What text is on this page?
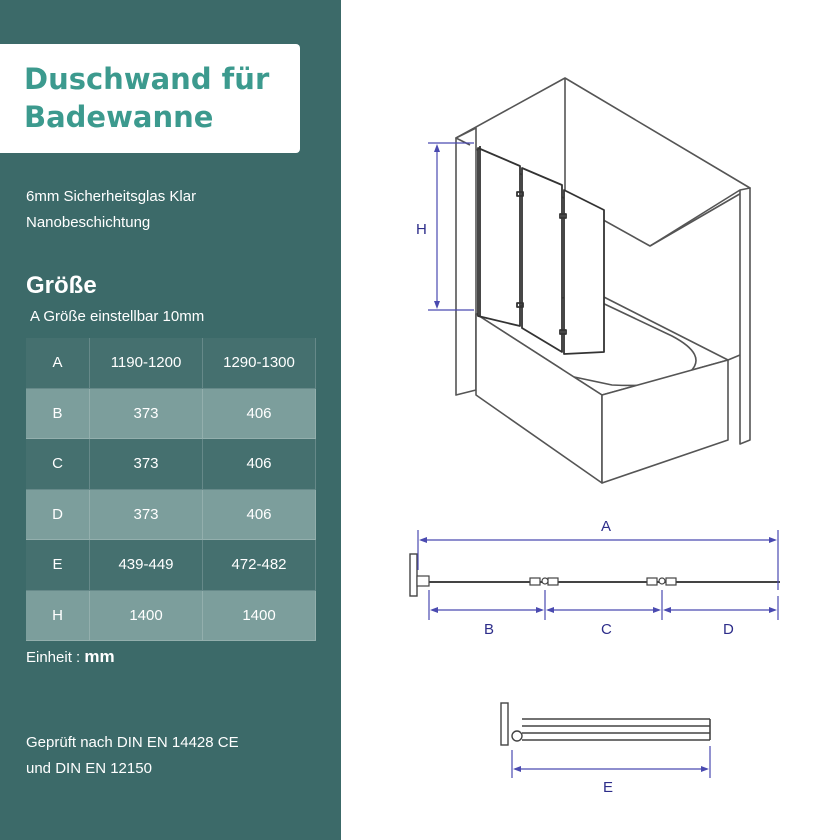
Duschwand für
Badewanne
6mm Sicherheitsglas Klar
Nanobeschichtung
Größe
A Größe einstellbar 10mm
A	1190-1200	1290-1300
B	373	406
C	373	406
D	373	406
E	439-449	472-482
H	1400	1400
Einheit : mm
Geprüft nach DIN EN 14428 CE
und DIN EN 12150
H
A
B	C	D
E
